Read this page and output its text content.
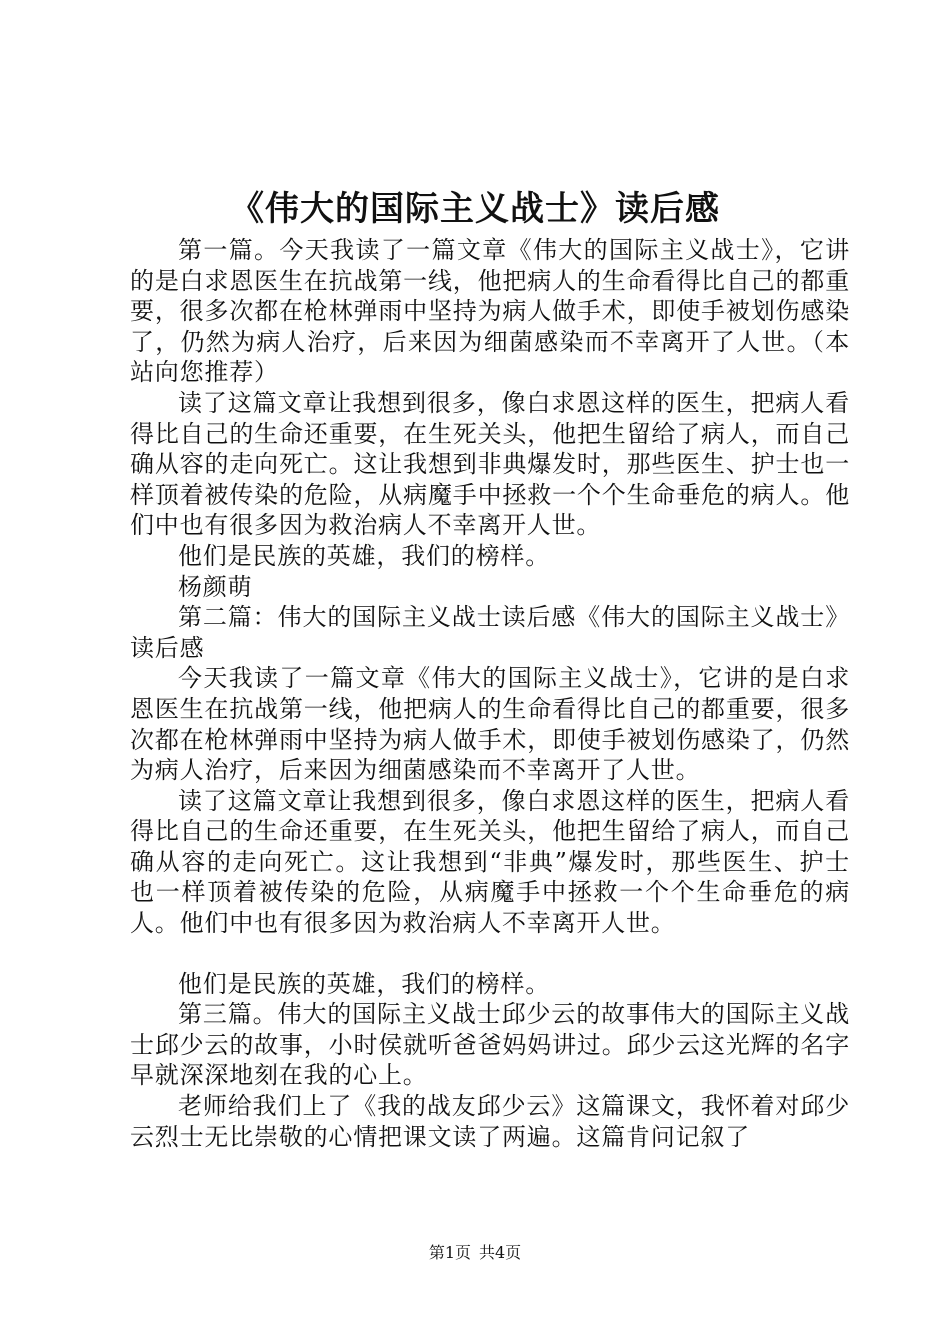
《伟大的国际主义战士》读后感

第一篇。今天我读了一篇文章《伟大的国际主义战士》，它讲的是白求恩医生在抗战第一线，他把病人的生命看得比自己的都重要，很多次都在枪林弹雨中坚持为病人做手术，即使手被划伤感染了，仍然为病人治疗，后来因为细菌感染而不幸离开了人世。（本站向您推荐）

读了这篇文章让我想到很多，像白求恩这样的医生，把病人看得比自己的生命还重要，在生死关头，他把生留给了病人，而自己确从容的走向死亡。这让我想到非典爆发时，那些医生、护士也一样顶着被传染的危险，从病魔手中拯救一个个生命垂危的病人。他们中也有很多因为救治病人不幸离开人世。

他们是民族的英雄，我们的榜样。

杨颜萌

第二篇：伟大的国际主义战士读后感《伟大的国际主义战士》读后感

今天我读了一篇文章《伟大的国际主义战士》，它讲的是白求恩医生在抗战第一线，他把病人的生命看得比自己的都重要，很多次都在枪林弹雨中坚持为病人做手术，即使手被划伤感染了，仍然为病人治疗，后来因为细菌感染而不幸离开了人世。

读了这篇文章让我想到很多，像白求恩这样的医生，把病人看得比自己的生命还重要，在生死关头，他把生留给了病人，而自己确从容的走向死亡。这让我想到“非典”爆发时，那些医生、护士也一样顶着被传染的危险，从病魔手中拯救一个个生命垂危的病人。他们中也有很多因为救治病人不幸离开人世。

他们是民族的英雄，我们的榜样。

第三篇。伟大的国际主义战士邱少云的故事伟大的国际主义战士邱少云的故事，小时侯就听爸爸妈妈讲过。邱少云这光辉的名字早就深深地刻在我的心上。

老师给我们上了《我的战友邱少云》这篇课文，我怀着对邱少云烈士无比崇敬的心情把课文读了两遍。这篇肯问记叙了

第1页 共4页
